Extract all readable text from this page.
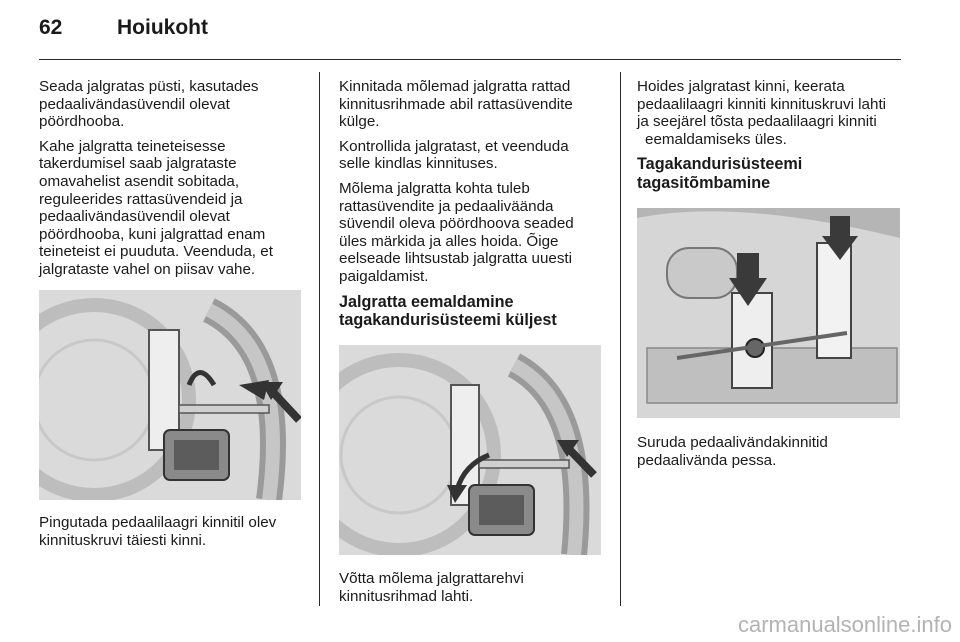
62	Hoiukoht

Seada jalgratas püsti, kasutades
pedaalivändasüvendil olevat
pöördhooba.

Kahe jalgratta teineteisesse
takerdumisel saab jalgrataste
omavahelist asendit sobitada,
reguleerides rattasüvendeid ja
pedaalivändasüvendil olevat
pöördhooba, kuni jalgrattad enam
teineteist ei puuduta. Veenduda, et
jalgrataste vahel on piisav vahe.

Pingutada pedaalilaagri kinnitil olev
kinnituskruvi täiesti kinni.

Kinnitada mõlemad jalgratta rattad
kinnitusrihmade abil rattasüvendite
külge.

Kontrollida jalgratast, et veenduda
selle kindlas kinnituses.

Mõlema jalgratta kohta tuleb
rattasüvendite ja pedaaliväända
süvendil oleva pöördhoova seaded
üles märkida ja alles hoida. Õige
eelseade lihtsustab jalgratta uuesti
paigaldamist.

Jalgratta eemaldamine
tagakandurisüsteemi küljest

Võtta mõlema jalgrattarehvi
kinnitusrihmad lahti.

Hoides jalgratast kinni, keerata
pedaalilaagri kinniti kinnituskruvi lahti
ja seejärel tõsta pedaalilaagri kinniti

eemaldamiseks üles.

Tagakandurisüsteemi
tagasitõmbamine

Suruda pedaalivändakinnitid
pedaalivända pessa.

carmanualsonline.info
